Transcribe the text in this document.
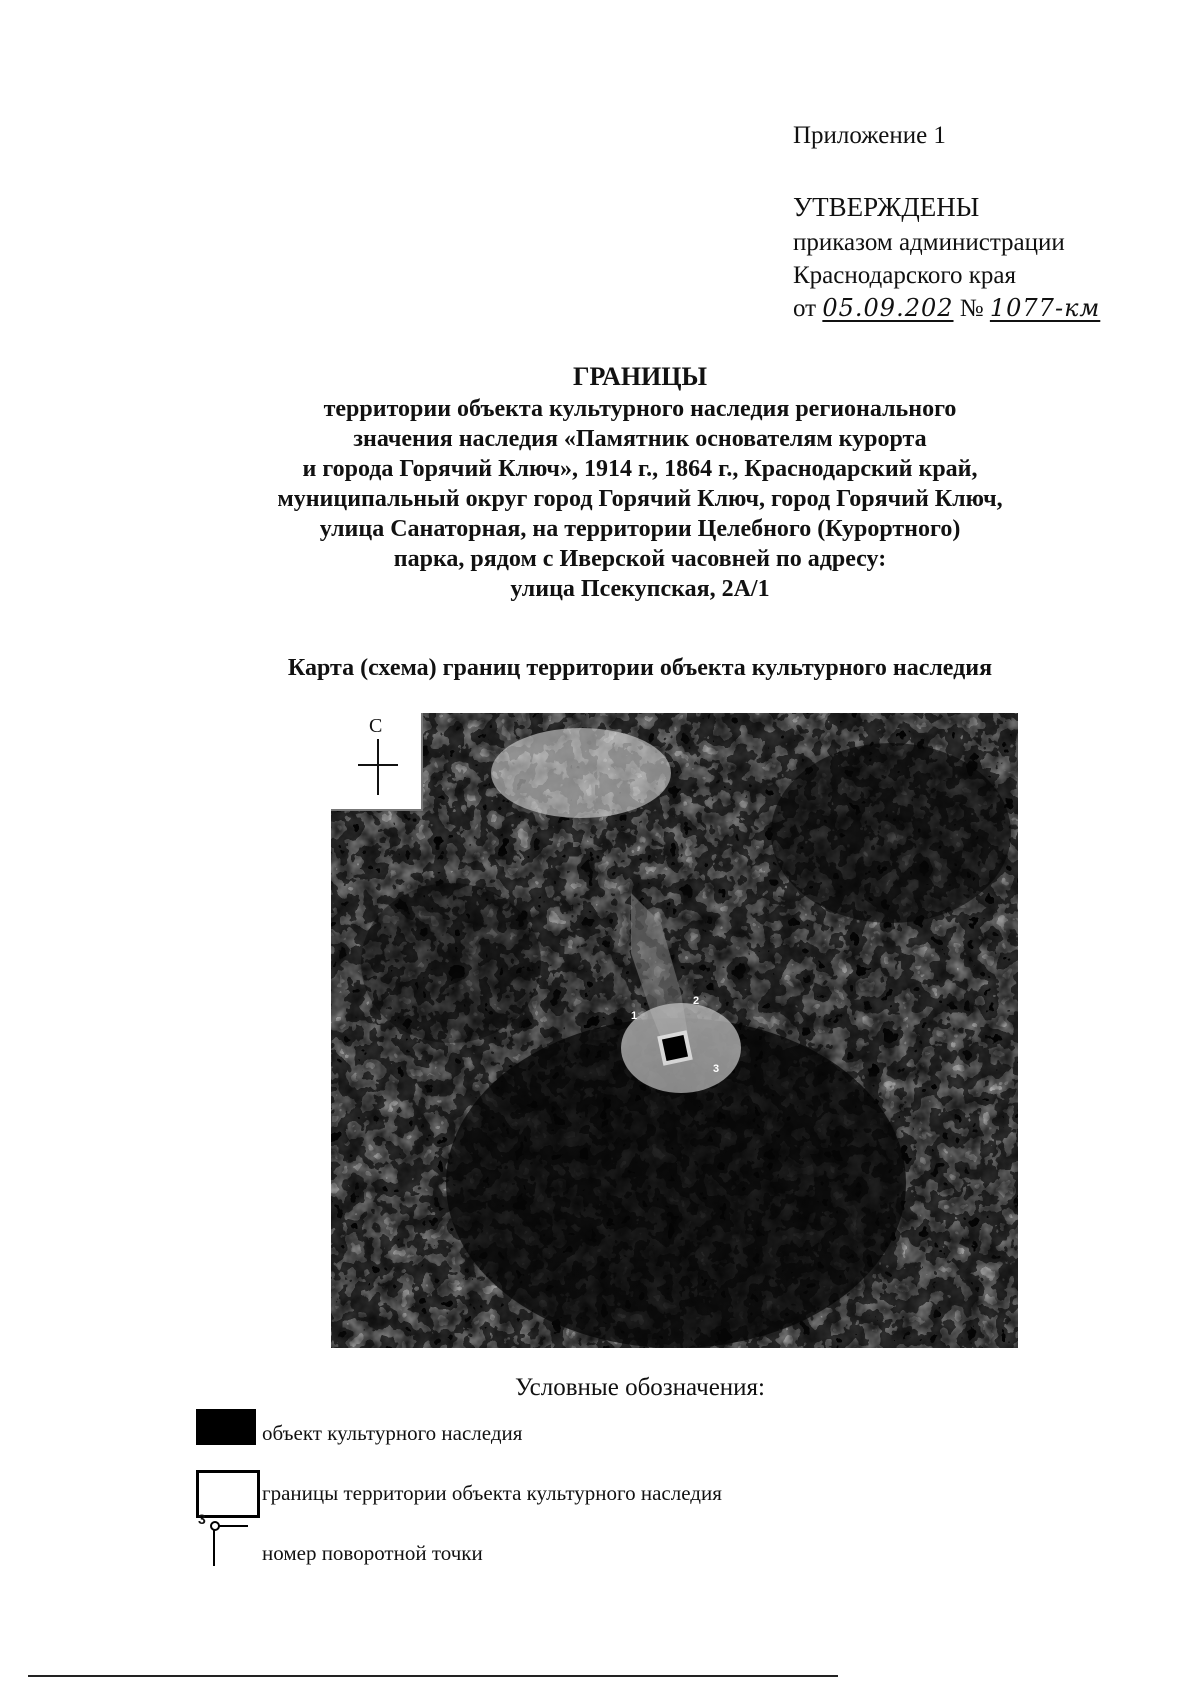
Приложение 1
УТВЕРЖДЕНЫ
приказом администрации
Краснодарского края
от 05.09.202 № 1077-км
ГРАНИЦЫ
территории объекта культурного наследия регионального
значения наследия «Памятник основателям курорта
и города Горячий Ключ», 1914 г., 1864 г., Краснодарский край,
муниципальный округ город Горячий Ключ, город Горячий Ключ,
улица Санаторная, на территории Целебного (Курортного)
парка, рядом с Иверской часовней по адресу:
улица Псекупская, 2А/1
Карта (схема) границ территории объекта культурного наследия
С
1
2
3
Условные обозначения:
объект культурного наследия
границы территории объекта культурного наследия
3
номер поворотной точки
